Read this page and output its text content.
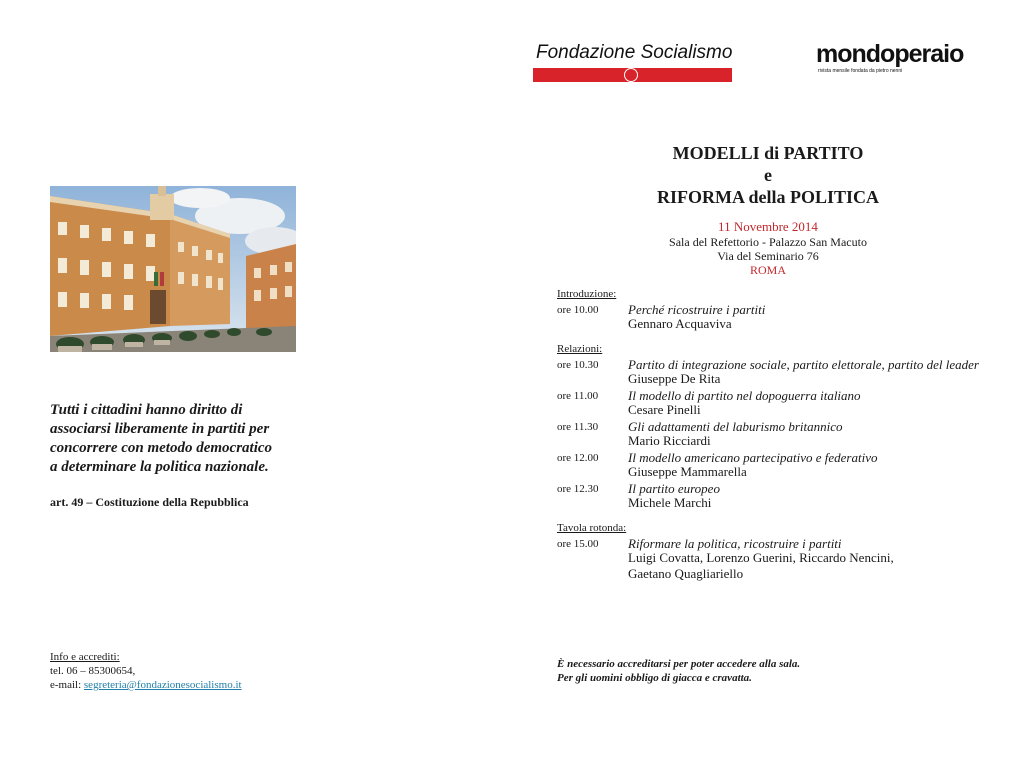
Tutti i cittadini hanno diritto di
associarsi liberamente in partiti per
concorrere con metodo democratico
a determinare la politica nazionale.
art. 49 – Costituzione della Repubblica
Info e accrediti:
tel. 06 – 85300654,
e-mail: segreteria@fondazionesocialismo.it
Fondazione Socialismo	mondoperaio
rivista mensile fondata da pietro nenni
MODELLI di PARTITO
e
RIFORMA della POLITICA
11 Novembre 2014
Sala del Refettorio - Palazzo San Macuto
Via del Seminario 76
ROMA
Introduzione:
ore 10.00	Perché ricostruire i partiti
Gennaro Acquaviva
Relazioni:
ore 10.30	Partito di integrazione sociale, partito elettorale, partito del leader
Giuseppe De Rita
ore 11.00	Il modello di partito nel dopoguerra italiano
Cesare Pinelli
ore 11.30	Gli adattamenti del laburismo britannico
Mario Ricciardi
ore 12.00	Il modello americano partecipativo e federativo
Giuseppe Mammarella
ore 12.30	Il partito europeo
Michele Marchi
Tavola rotonda:
ore 15.00	Riformare la politica, ricostruire i partiti
Luigi Covatta, Lorenzo Guerini, Riccardo Nencini,
Gaetano Quagliariello
È necessario accreditarsi per poter accedere alla sala.
Per gli uomini obbligo di giacca e cravatta.
